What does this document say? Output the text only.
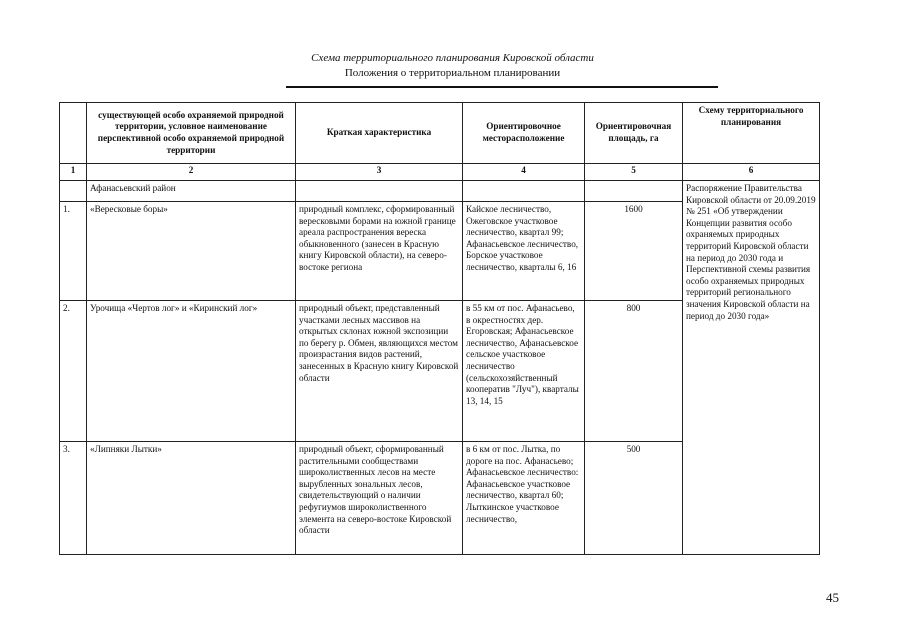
Схема территориального планирования Кировской области
Положения о территориальном планировании
	существующей особо охраняемой природной территории, условное наименование перспективной особо охраняемой природной территории	Краткая характеристика	Ориентировочное месторасположение	Ориентировочная площадь, га	Схему территориального планирования
1	2	3	4	5	6
	Афанасьевский район				Распоряжение Правительства Кировской области от 20.09.2019 № 251 «Об утверждении Концепции развития особо охраняемых природных территорий Кировской области на период до 2030 года и Перспективной схемы развития особо охраняемых природных территорий регионального значения Кировской области на период до 2030 года»
1.	«Вересковые боры»	природный комплекс, сформированный вересковыми борами на южной границе ареала распространения вереска обыкновенного (занесен в Красную книгу Кировской области), на северо-востоке региона	Кайское лесничество, Ожеговское участковое лесничество, квартал 99; Афанасьевское лесничество, Борское участковое лесничество, кварталы 6, 16	1600	
2.	Урочища «Чертов лог» и «Киринский лог»	природный объект, представленный участками лесных массивов на открытых склонах южной экспозиции по берегу р. Обмен, являющихся местом произрастания видов растений, занесенных в Красную книгу Кировской области	в 55 км от пос. Афанасьево, в окрестностях дер. Егоровская; Афанасьевское лесничество, Афанасьевское сельское участковое лесничество (сельскохозяйственный кооператив "Луч"), кварталы 13, 14, 15	800	
3.	«Липняки Лытки»	природный объект, сформированный растительными сообществами широколиственных лесов на месте вырубленных зональных лесов, свидетельствующий о наличии рефугиумов широколиственного элемента на северо-востоке Кировской области	в 6 км от пос. Лытка, по дороге на пос. Афанасьево; Афанасьевское лесничество: Афанасьевское участковое лесничество, квартал 60; Лыткинское участковое лесничество,	500	
45
